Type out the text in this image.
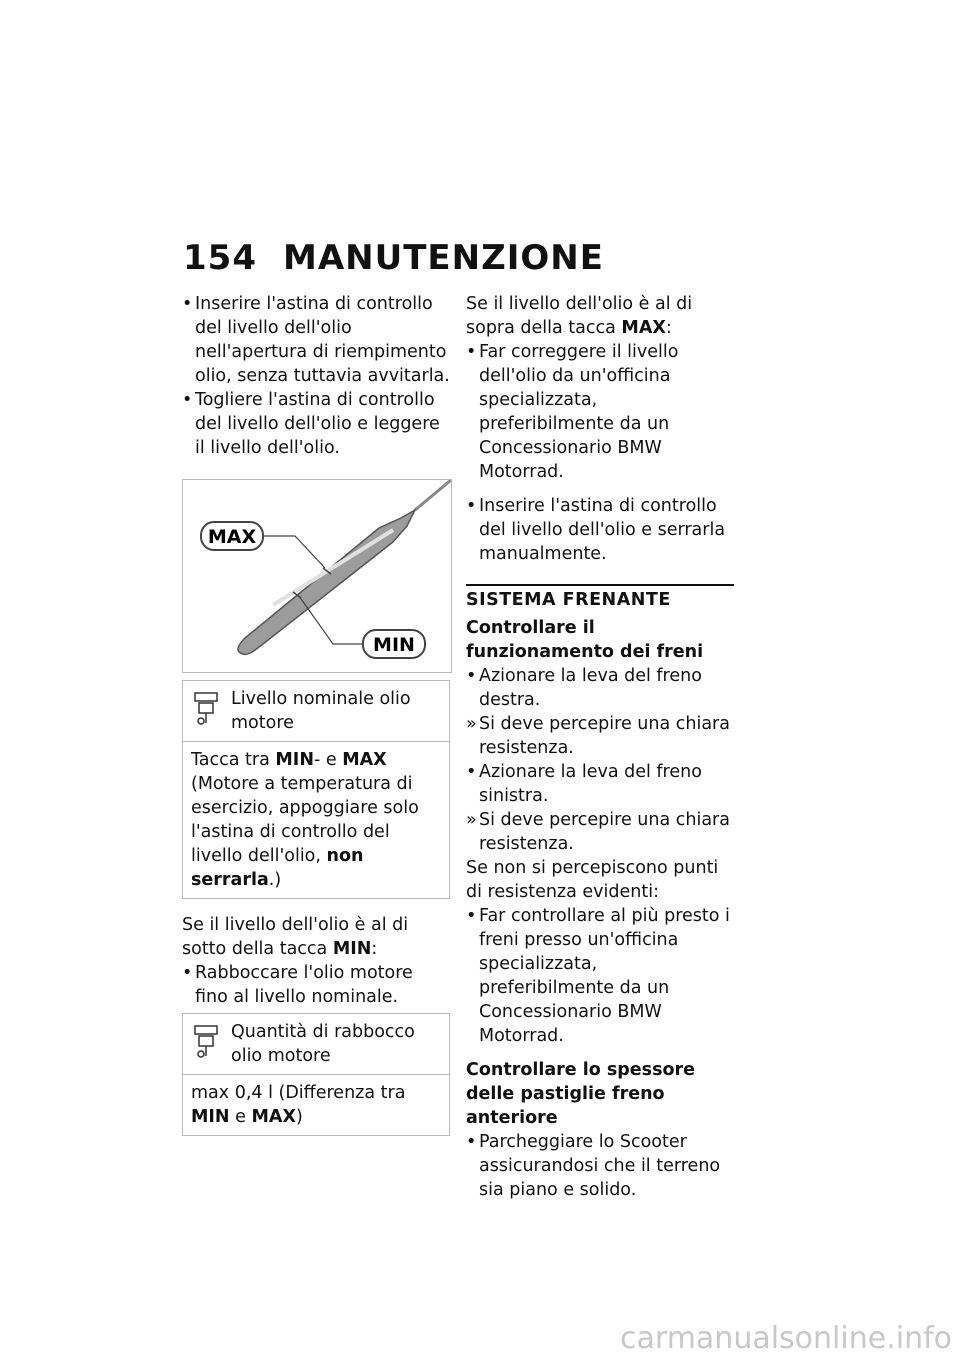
154 MANUTENZIONE
• Inserire l'astina di controllo del livello dell'olio nell'apertura di riempimento olio, senza tuttavia avvitarla.
• Togliere l'astina di controllo del livello dell'olio e leggere il livello dell'olio.
MAX
MIN
Livello nominale olio motore
Tacca tra MIN- e MAX (Motore a temperatura di esercizio, appoggiare solo l'astina di controllo del livello dell'olio, non serrarla.)
Se il livello dell'olio è al di sotto della tacca MIN:
• Rabboccare l'olio motore fino al livello nominale.
Quantità di rabbocco olio motore
max 0,4 l (Differenza tra MIN e MAX)
Se il livello dell'olio è al di sopra della tacca MAX:
• Far correggere il livello dell'olio da un'officina specializzata, preferibilmente da un Concessionario BMW Motorrad.
• Inserire l'astina di controllo del livello dell'olio e serrarla manualmente.
SISTEMA FRENANTE
Controllare il funzionamento dei freni
• Azionare la leva del freno destra.
» Si deve percepire una chiara resistenza.
• Azionare la leva del freno sinistra.
» Si deve percepire una chiara resistenza.
Se non si percepiscono punti di resistenza evidenti:
• Far controllare al più presto i freni presso un'officina specializzata, preferibilmente da un Concessionario BMW Motorrad.
Controllare lo spessore delle pastiglie freno anteriore
• Parcheggiare lo Scooter assicurandosi che il terreno sia piano e solido.
carmanualsonline.info
